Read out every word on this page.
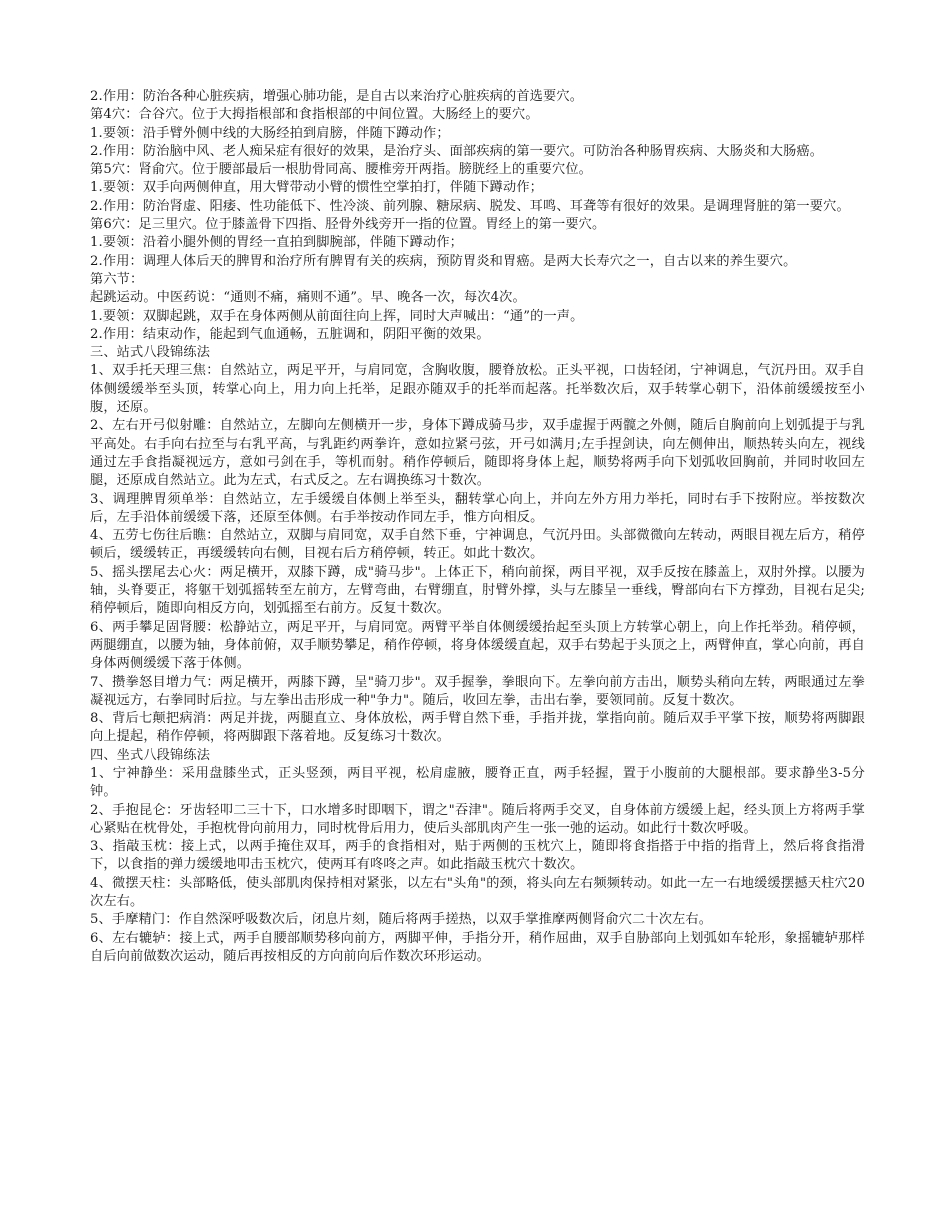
2.作用：防治各种心脏疾病，增强心肺功能，是自古以来治疗心脏疾病的首选要穴。

第4穴：合谷穴。位于大拇指根部和食指根部的中间位置。大肠经上的要穴。

1.要领：沿手臂外侧中线的大肠经拍到肩膀，伴随下蹲动作；

2.作用：防治脑中风、老人痴呆症有很好的效果，是治疗头、面部疾病的第一要穴。可防治各种肠胃疾病、大肠炎和大肠癌。

第5穴：肾俞穴。位于腰部最后一根肋骨同高、腰椎旁开两指。膀胱经上的重要穴位。

1.要领：双手向两侧伸直，用大臂带动小臂的惯性空掌拍打，伴随下蹲动作；

2.作用：防治肾虚、阳痿、性功能低下、性冷淡、前列腺、糖尿病、脱发、耳鸣、耳聋等有很好的效果。是调理肾脏的第一要穴。

第6穴：足三里穴。位于膝盖骨下四指、胫骨外线旁开一指的位置。胃经上的第一要穴。

1.要领：沿着小腿外侧的胃经一直拍到脚腕部，伴随下蹲动作；

2.作用：调理人体后天的脾胃和治疗所有脾胃有关的疾病，预防胃炎和胃癌。是两大长寿穴之一，自古以来的养生要穴。

第六节：

起跳运动。中医药说：“通则不痛，痛则不通”。早、晚各一次，每次4次。

1.要领：双脚起跳，双手在身体两侧从前面往向上挥，同时大声喊出：“通”的一声。

2.作用：结束动作，能起到气血通畅，五脏调和，阴阳平衡的效果。

三、站式八段锦练法

1、双手托天理三焦：自然站立，两足平开，与肩同宽，含胸收腹，腰脊放松。正头平视，口齿轻闭，宁神调息，气沉丹田。双手自体侧缓缓举至头顶，转掌心向上，用力向上托举，足跟亦随双手的托举而起落。托举数次后，双手转掌心朝下，沿体前缓缓按至小腹，还原。

2、左右开弓似射雕：自然站立，左脚向左侧横开一步，身体下蹲成骑马步，双手虚握于两髋之外侧，随后自胸前向上划弧提于与乳平高处。右手向右拉至与右乳平高，与乳距约两拳许，意如拉紧弓弦，开弓如满月;左手捏剑诀，向左侧伸出，顺热转头向左，视线通过左手食指凝视远方，意如弓剑在手，等机而射。稍作停顿后，随即将身体上起，顺势将两手向下划弧收回胸前，并同时收回左腿，还原成自然站立。此为左式，右式反之。左右调换练习十数次。

3、调理脾胃须单举：自然站立，左手缓缓自体侧上举至头，翻转掌心向上，并向左外方用力举托，同时右手下按附应。举按数次后，左手沿体前缓缓下落，还原至体侧。右手举按动作同左手，惟方向相反。

4、五劳七伤往后瞧：自然站立，双脚与肩同宽，双手自然下垂，宁神调息，气沉丹田。头部微微向左转动，两眼目视左后方，稍停顿后，缓缓转正，再缓缓转向右侧，目视右后方稍停顿，转正。如此十数次。

5、摇头摆尾去心火：两足横开，双膝下蹲，成"骑马步"。上体正下，稍向前探，两目平视，双手反按在膝盖上，双肘外撑。以腰为轴，头脊要正，将躯干划弧摇转至左前方，左臂弯曲，右臂绷直，肘臂外撑，头与左膝呈一垂线，臀部向右下方撑劲，目视右足尖;稍停顿后，随即向相反方向，划弧摇至右前方。反复十数次。

6、两手攀足固肾腰：松静站立，两足平开，与肩同宽。两臂平举自体侧缓缓抬起至头顶上方转掌心朝上，向上作托举劲。稍停顿，两腿绷直，以腰为轴，身体前俯，双手顺势攀足，稍作停顿，将身体缓缓直起，双手右势起于头顶之上，两臂伸直，掌心向前，再自身体两侧缓缓下落于体侧。

7、攒拳怒目增力气：两足横开，两膝下蹲，呈"骑刀步"。双手握拳，拳眼向下。左拳向前方击出，顺势头稍向左转，两眼通过左拳凝视远方，右拳同时后拉。与左拳出击形成一种"争力"。随后，收回左拳，击出右拳，要领同前。反复十数次。

8、背后七颠把病消：两足并拢，两腿直立、身体放松，两手臂自然下垂，手指并拢，掌指向前。随后双手平掌下按，顺势将两脚跟向上提起，稍作停顿，将两脚跟下落着地。反复练习十数次。

四、坐式八段锦练法

1、宁神静坐：采用盘膝坐式，正头竖颈，两目平视，松肩虚腋，腰脊正直，两手轻握，置于小腹前的大腿根部。要求静坐3-5分钟。

2、手抱昆仑：牙齿轻叩二三十下，口水增多时即咽下，谓之"吞津"。随后将两手交叉，自身体前方缓缓上起，经头顶上方将两手掌心紧贴在枕骨处，手抱枕骨向前用力，同时枕骨后用力，使后头部肌肉产生一张一弛的运动。如此行十数次呼吸。

3、指敲玉枕：接上式，以两手掩住双耳，两手的食指相对，贴于两侧的玉枕穴上，随即将食指搭于中指的指背上，然后将食指滑下，以食指的弹力缓缓地叩击玉枕穴，使两耳有咚咚之声。如此指敲玉枕穴十数次。

4、微摆天柱：头部略低，使头部肌肉保持相对紧张，以左右"头角"的颈，将头向左右频频转动。如此一左一右地缓缓摆撼天柱穴20次左右。

5、手摩精门：作自然深呼吸数次后，闭息片刻，随后将两手搓热，以双手掌推摩两侧肾俞穴二十次左右。

6、左右辘轳：接上式，两手自腰部顺势移向前方，两脚平伸，手指分开，稍作屈曲，双手自胁部向上划弧如车轮形，象摇辘轳那样自后向前做数次运动，随后再按相反的方向前向后作数次环形运动。
